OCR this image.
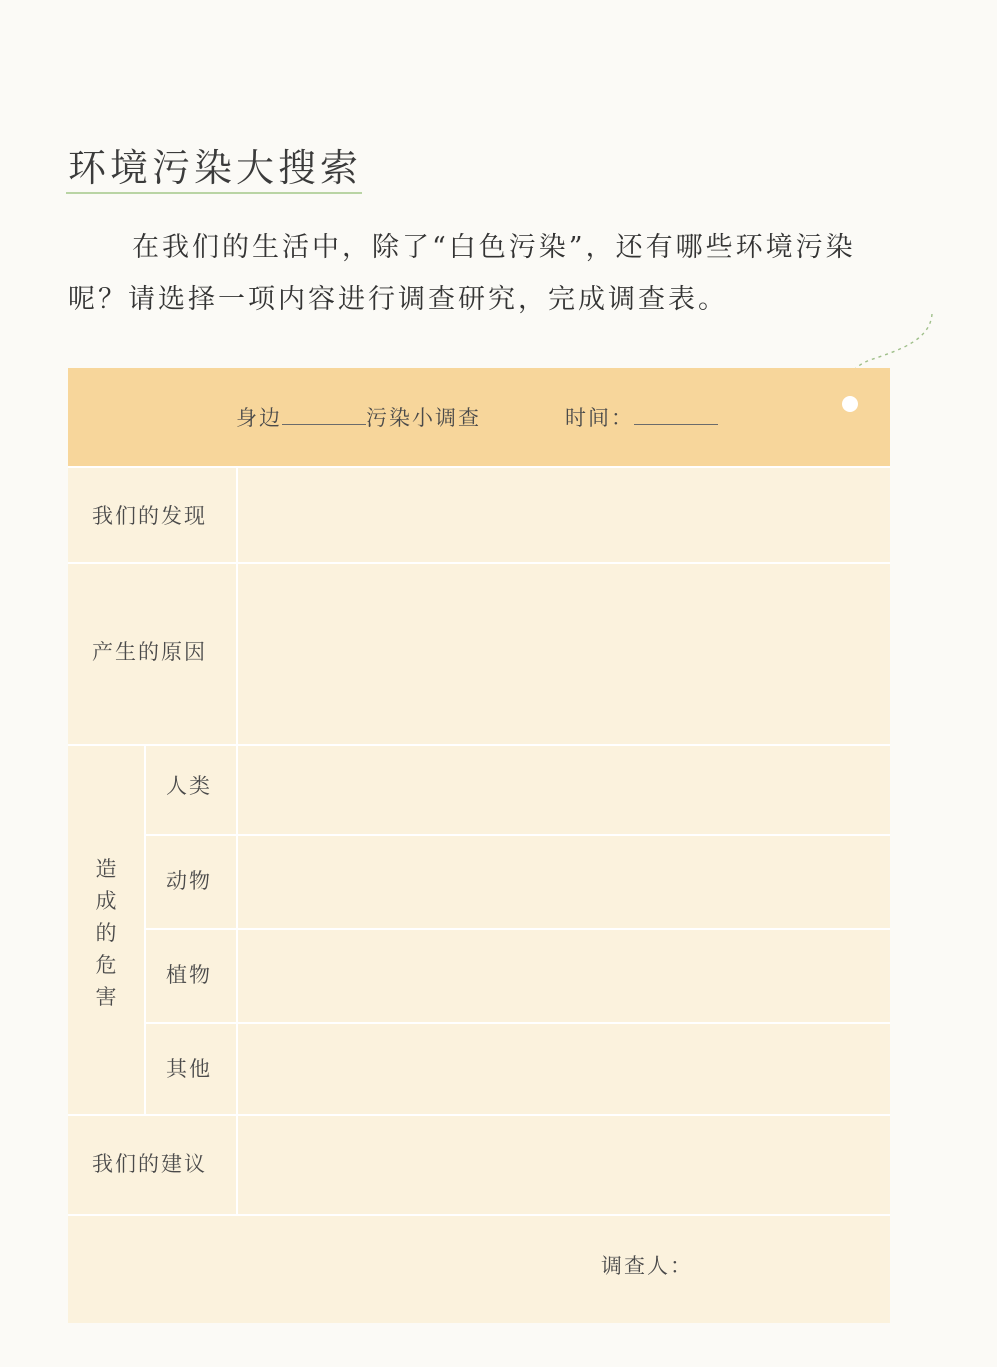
环境污染大搜索
在我们的生活中，除了“白色污染”，还有哪些环境污染呢？请选择一项内容进行调查研究，完成调查表。
身边	污染小调查	时间：
我们的发现
产生的原因
造成的危害
人类
动物
植物
其他
我们的建议
调查人：
